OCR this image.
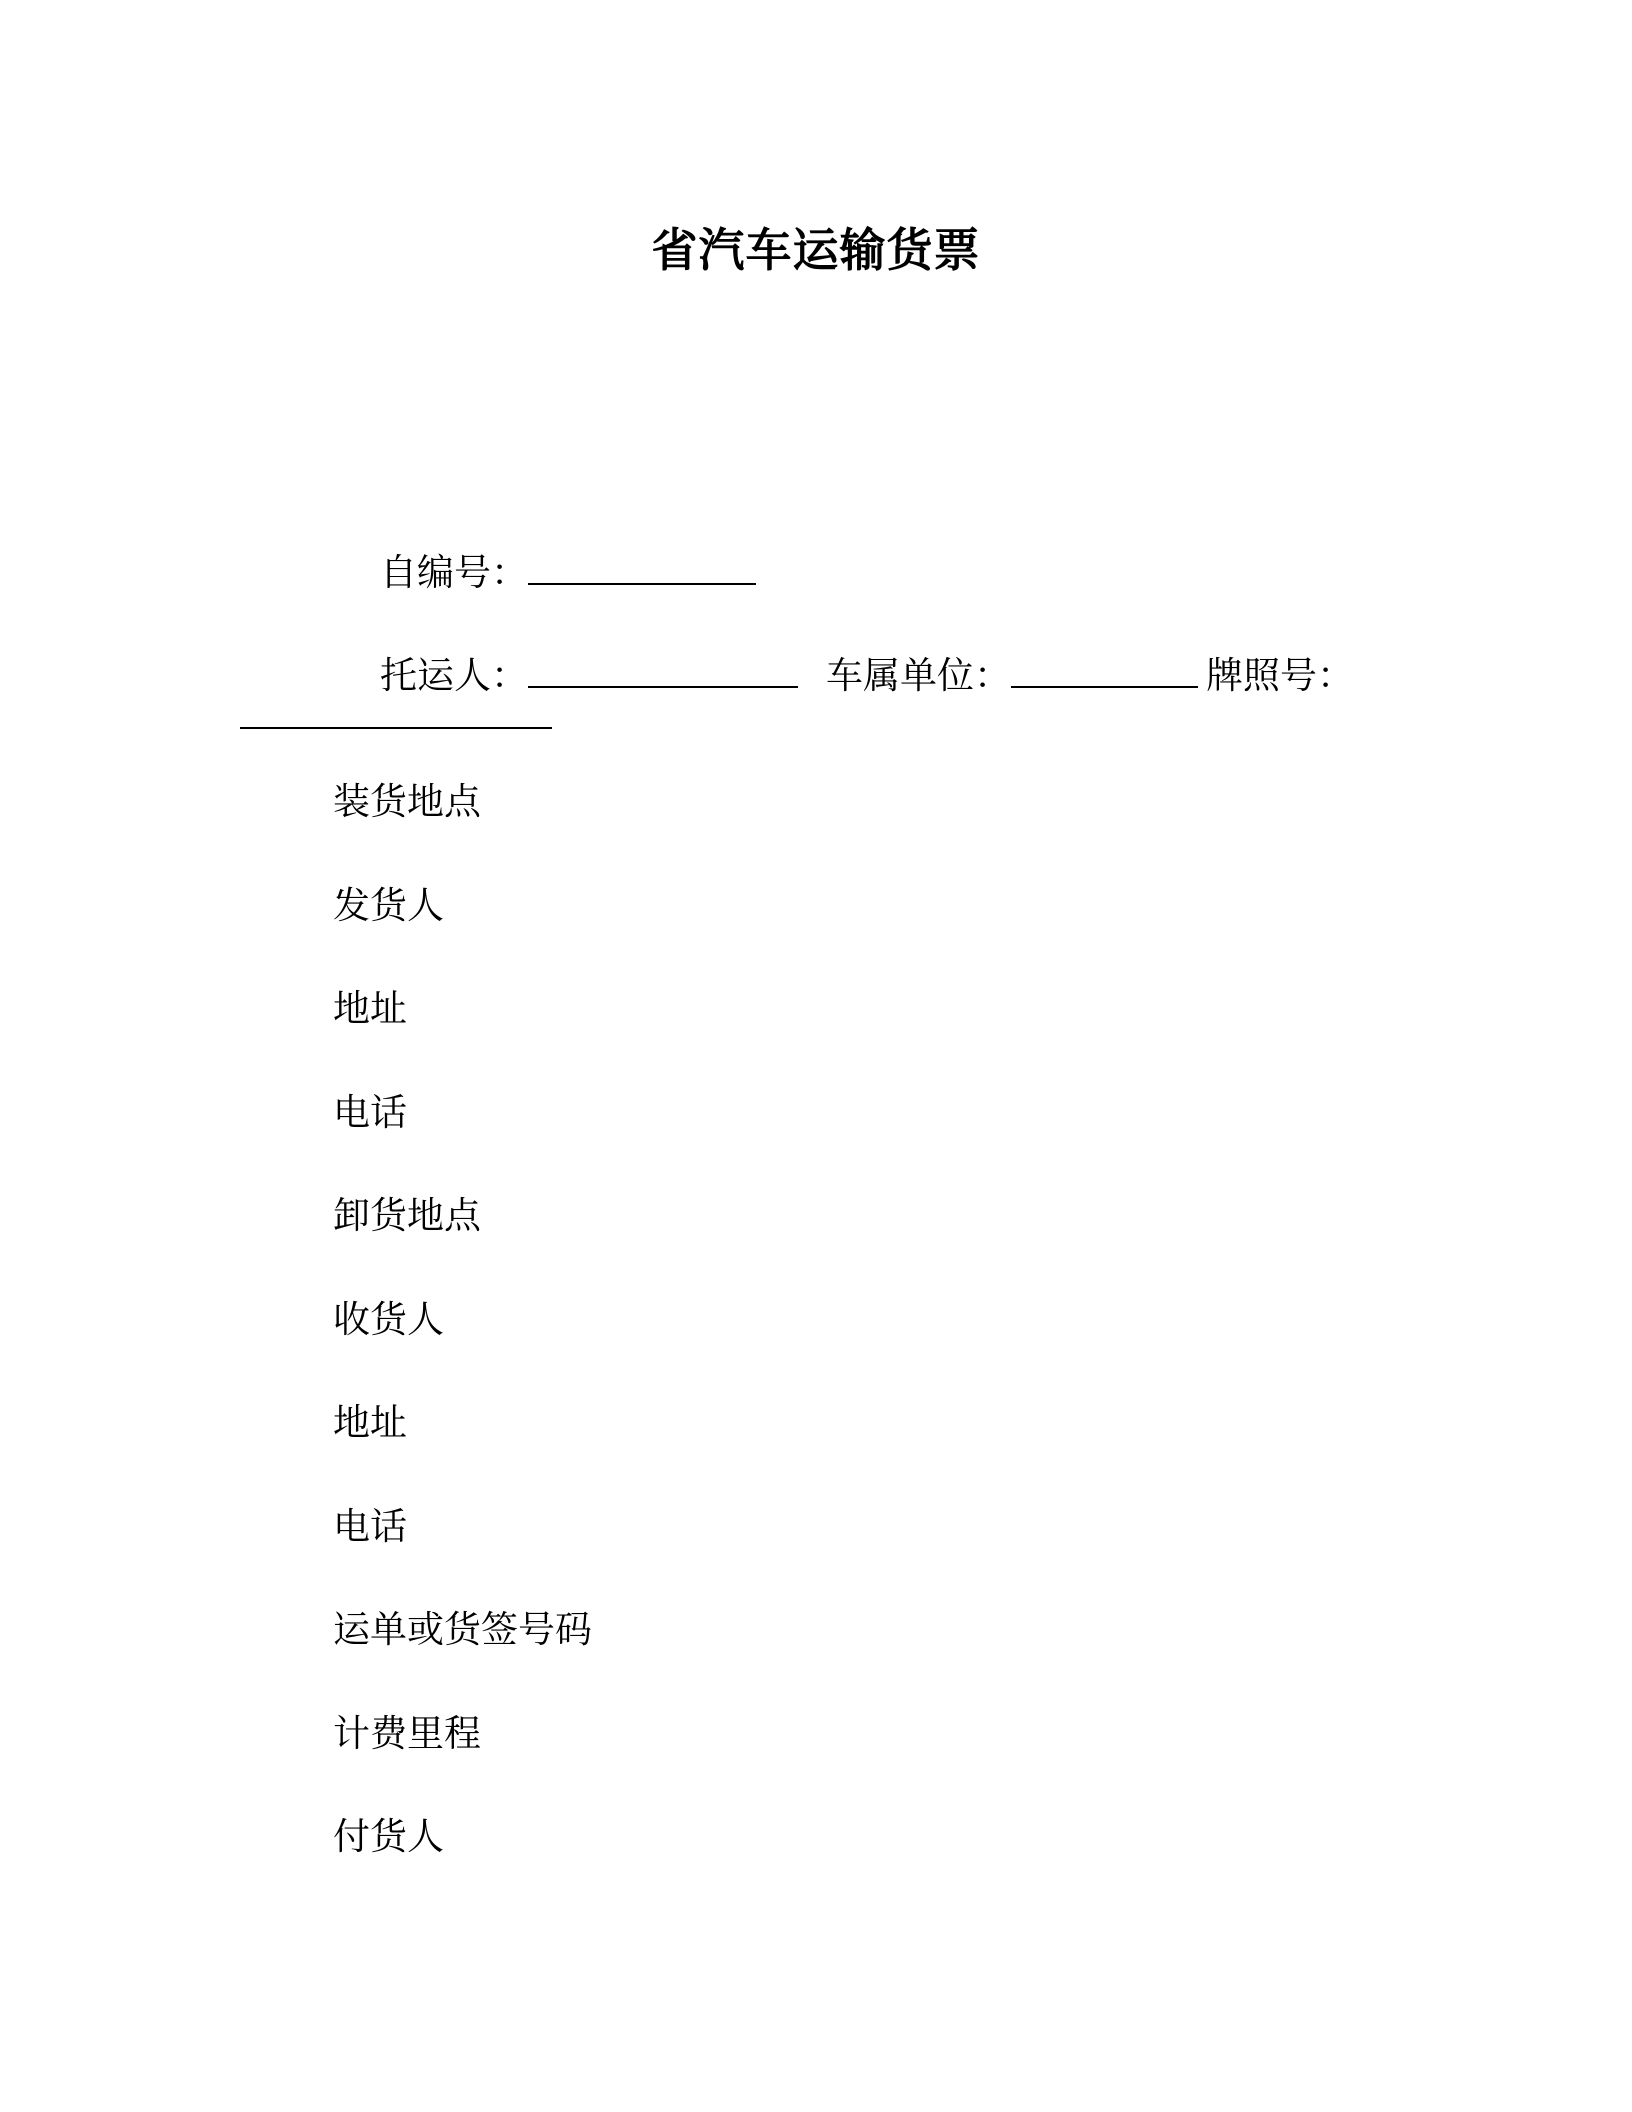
省汽车运输货票

自编号：

托运人：	车属单位：	牌照号：

装货地点
发货人
地址
电话
卸货地点
收货人
地址
电话
运单或货签号码
计费里程
付货人
